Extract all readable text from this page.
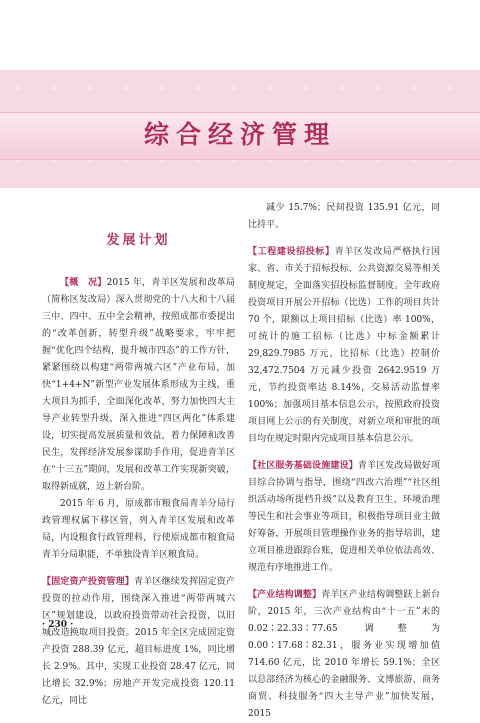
综合经济管理
发展计划

【概　况】2015 年，青羊区发展和改革局（简称区发改局）深入贯彻党的十八大和十八届三中、四中、五中全会精神，按照成都市委提出的“改革创新，转型升级”战略要求，牢牢把握“优化四个结构，提升城市四态”的工作方针，紧紧围绕以构建“两带两城六区”产业布局，加快“1+4+N”新型产业发展体系形成为主线，重大项目为抓手，全面深化改革，努力加快四大主导产业转型升级，深入推进“四区两化”体系建设，切实提高发展质量和效益，着力保障和改善民生，发挥经济发展参谋助手作用，促进青羊区在“十三五”期间，发展和改革工作实现新突破，取得新成就，迈上新台阶。

2015 年 6 月，原成都市粮食局青羊分局行政管理权属下移区管，列入青羊区发展和改革局，内设粮食行政管理科，行使原成都市粮食局青羊分局职能，不单独设青羊区粮食局。

【固定资产投资管理】青羊区继续发挥固定资产投资的拉动作用，围绕深入推进“两带两城六区”规划建设，以政府投资带动社会投资，以旧城改造换取项目投资。2015 年全区完成固定资产投资 288.39 亿元，超目标进度 1%，同比增长 2.9%。其中，实现工业投资 28.47 亿元，同比增长 32.9%；房地产开发完成投资 120.11 亿元，同比

减少 15.7%；民间投资 135.91 亿元，同比持平。

【工程建设招投标】青羊区发改局严格执行国家、省、市关于招标投标、公共资源交易等相关制度规定，全面落实招投标监督制度。全年政府投资项目开展公开招标（比选）工作的项目共计 70 个，限额以上项目招标（比选）率 100%，可统计的施工招标（比选）中标金额累计 29,829.7985 万元，比招标（比选）控制价 32,472.7504 万元减少投资 2642.9519 万元，节约投资率达 8.14%，交易活动监督率 100%；加强项目基本信息公示，按照政府投资项目网上公示的有关制度，对新立项和审批的项目均在规定时限内完成项目基本信息公示。

【社区服务基础设施建设】青羊区发改局做好项目综合协调与指导，围绕“四改六治理”“社区组织活动场所提档升级”以及教育卫生、环境治理等民生和社会事业等项目，积极指导项目业主做好筹备，开展项目管理操作业务的指导培训，建立项目推进跟踪台账，促进相关单位依法高效、规范有序地推进工作。

【产业结构调整】青羊区产业结构调整跃上新台阶，2015 年，三次产业结构由“十一五”末的 0.02∶22.33∶77.65 调整为 0.00∶17.68∶82.31，服务业实现增加值 714.60 亿元，比 2010 年增长 59.1%；全区以总部经济为核心的金融服务、文博旅游、商务商贸、科技服务“四大主导产业”加快发展，2015

· 230 ·
